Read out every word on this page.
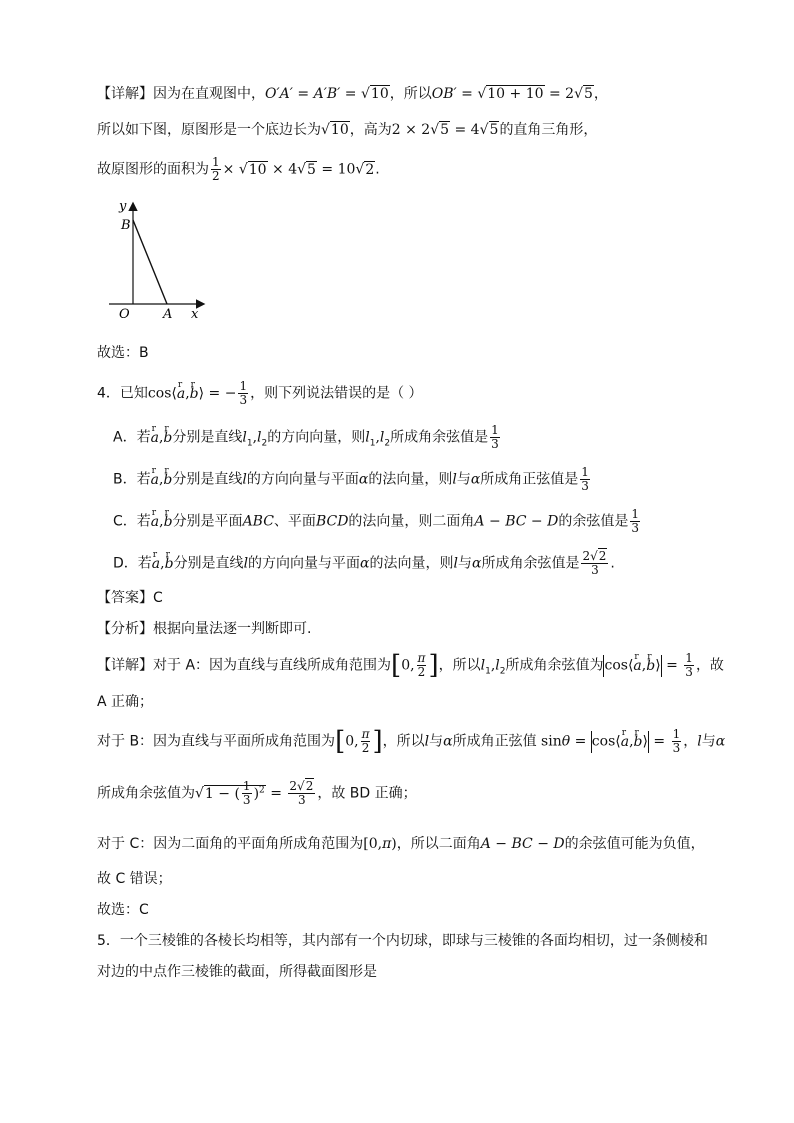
【详解】因为在直观图中，O′A′ = A′B′ = √10，所以OB′ = √10 + 10 = 2√5，
所以如下图，原图形是一个底边长为√10，高为2 × 2√5 = 4√5的直角三角形，
故原图形的面积为 $\frac{1}{2} \times √10 \times 4√5 = 10√2$.
y
B
O	A x
故选：B
4．已知cos⟨r a,r b⟩ = − $\frac{1}{3}$ ，则下列说法错误的是（ ）
A．若r a,r b分别是直线$l_1,l_2$的方向向量，则$l_1,l_2$所成角余弦值是 $\frac{1}{3}$
B．若r a,r b分别是直线l的方向向量与平面α的法向量，则l与α所成角正弦值是 $\frac{1}{3}$
C．若r a,r b分别是平面ABC、平面BCD的法向量，则二面角A − BC − D的余弦值是 $\frac{1}{3}$
D．若r a,r b分别是直线l的方向向量与平面α的法向量，则l与α所成角余弦值是 $\frac{2√2}{3}$ .
【答案】C
【分析】根据向量法逐一判断即可.
【详解】对于 A：因为直线与直线所成角范围为[0, $\frac{\pi}{2}$ ]，所以$l_1,l_2$所成角余弦值为cos⟨r a,r b⟩ = $\frac{1}{3}$ ，故
A 正确；
对于 B：因为直线与平面所成角范围为[0, $\frac{\pi}{2}$ ]，所以l与α所成角正弦值 sinθ = cos⟨r a,r b⟩ = $\frac{1}{3}$ ，l与α
所成角余弦值为√1 − ( $\frac{1}{3} )^2 = \frac{2√2}{3}$ ，故 BD 正确；
对于 C：因为二面角的平面角所成角范围为[0,π)，所以二面角A − BC − D的余弦值可能为负值，
故 C 错误；
故选：C
5．一个三棱锥的各棱长均相等，其内部有一个内切球，即球与三棱锥的各面均相切，过一条侧棱和
对边的中点作三棱锥的截面，所得截面图形是
